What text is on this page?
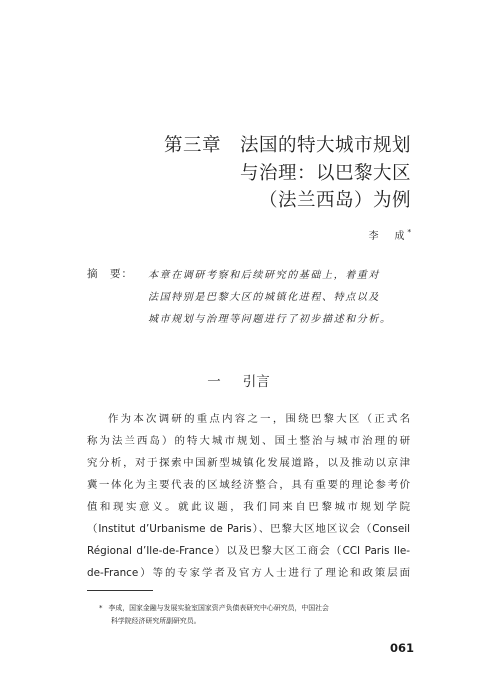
第三章　法国的特大城市规划
与治理：以巴黎大区
（法兰西岛）为例
李　成*
摘　要： 本章在调研考察和后续研究的基础上，着重对
法国特别是巴黎大区的城镇化进程、特点以及
城市规划与治理等问题进行了初步描述和分析。
一 引言
作为本次调研的重点内容之一，围绕巴黎大区（正式名
称为法兰西岛）的特大城市规划、国土整治与城市治理的研
究分析，对于探索中国新型城镇化发展道路，以及推动以京津
冀一体化为主要代表的区域经济整合，具有重要的理论参考价
值和现实意义。就此议题，我们同来自巴黎城市规划学院
（Institut d’Urbanisme de Paris）、巴黎大区地区议会（Conseil
Régional d’Ile-de-France）以及巴黎大区工商会（CCI Paris Ile-
de-France）等的专家学者及官方人士进行了理论和政策层面
* 李成，国家金融与发展实验室国家资产负债表研究中心研究员，中国社会
科学院经济研究所副研究员。
061
